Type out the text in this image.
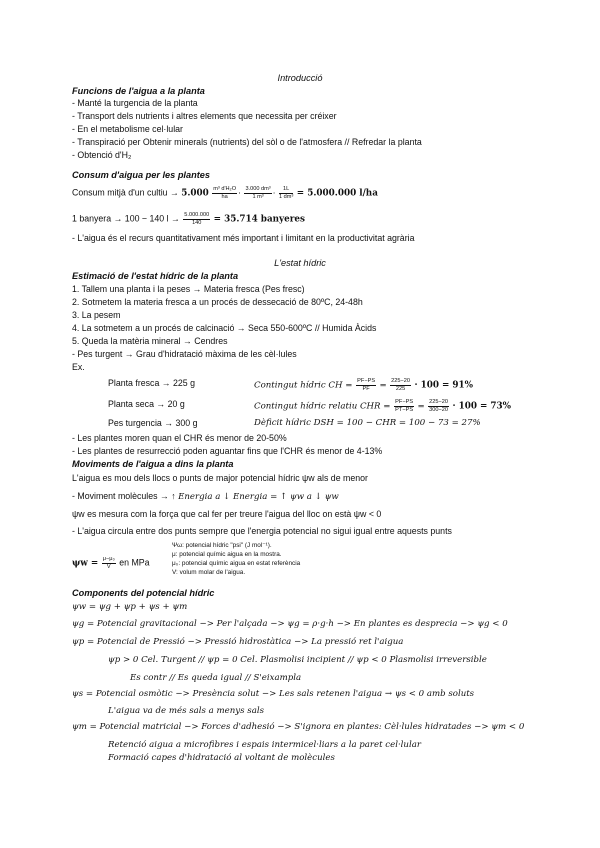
Introducció
Funcions de l'aigua a la planta
- Manté la turgencia de la planta
- Transport dels nutrients i altres elements que necessita per créixer
- En el metabolisme cel·lular
- Transpiració per Obtenir minerals (nutrients) del sòl o de l'atmosfera // Refredar la planta
- Obtenció d'H₂
Consum d'aigua per les plantes
Consum mitjà d'un cultiu → $5.000 \frac{\text{m³ d'H₂O}}{ha} \cdot \frac{\text{3.000 dm³}}{\text{1 m³}} \cdot \frac{1L}{\text{1 dm³}} = 5.000.000$ l/ha
1 banyera → 100 − 140 $l \to \frac{5.000.000}{140} = 35.714$ banyeres
- L'aigua és el recurs quantitativament més important i limitant en la productivitat agrària
L'estat hídric
Estimació de l'estat hídric de la planta
1. Tallem una planta i la peses → Materia fresca (Pes fresc)
2. Sotmetem la materia fresca a un procés de dessecació de 80ºC, 24-48h
3. La pesem
4. La sotmetem a un procés de calcinació → Seca 550-600ºC // Humida Àcids
5. Queda la matèria mineral → Cendres
- Pes turgent → Grau d'hidratació màxima de les cèl·lules
Ex.
Planta fresca → 225 g	Contingut hídric CH = $\frac{PF-PS}{PF} = \frac{225-20}{225} \cdot 100 = 91\%$
Planta seca → 20 g	Contingut hídric relatiu CHR = $\frac{PF-PS}{PT-PS} = \frac{225-20}{300-20} \cdot 100 = 73\%$
Pes turgencia → 300 g	Dèficit hídric DSH = 100 − CHR = 100 − 73 = 27%
- Les plantes moren quan el CHR és menor de 20-50%
- Les plantes de resurrecció poden aguantar fins que l'CHR és menor de 4-13%
Moviments de l'aigua a dins la planta
L'aigua es mou dels llocs o punts de major potencial hídric ψw als de menor
- Moviment molècules → ↑ Energia a ↓ Energia = ↑ ψw a ↓ ψw
ψw es mesura com la força que cal fer per treure l'aigua del lloc on està ψw < 0
- L'aigua circula entre dos punts sempre que l'energia potencial no sigui igual entre aquests punts
$\psi w = \frac{\text{μ−μ₀}}{V}$ en MPa
Ψω: potencial hídric "psi" (J mol⁻¹).
μ: potencial químic aigua en la mostra.
μ₀: potencial químic aigua en estat referència
V: volum molar de l'aigua.
Components del potencial hídric
ψw = ψg + ψp + ψs + ψm
ψg = Potencial gravitacional −> Per l'alçada −> ψg = ρ·g·h −> En plantes es desprecia −> ψg < 0
ψp = Potencial de Pressió −> Pressió hidrostàtica −> La pressió ret l'aigua
ψp > 0 Cel. Turgent // ψp = 0 Cel. Plasmolisi incipient // ψp < 0 Plasmolisi irreversible
Es contr // Es queda igual // S'eixampla
ψs = Potencial osmòtic −> Presència solut −> Les sals retenen l'aigua → ψs < 0 amb soluts
L'aigua va de més sals a menys sals
ψm = Potencial matricial −> Forces d'adhesió −> S'ignora en plantes: Cèl·lules hidratades −> ψm < 0
Retenció aigua a microfibres i espais intermicel·liars a la paret cel·lular
Formació capes d'hidratació al voltant de molècules
